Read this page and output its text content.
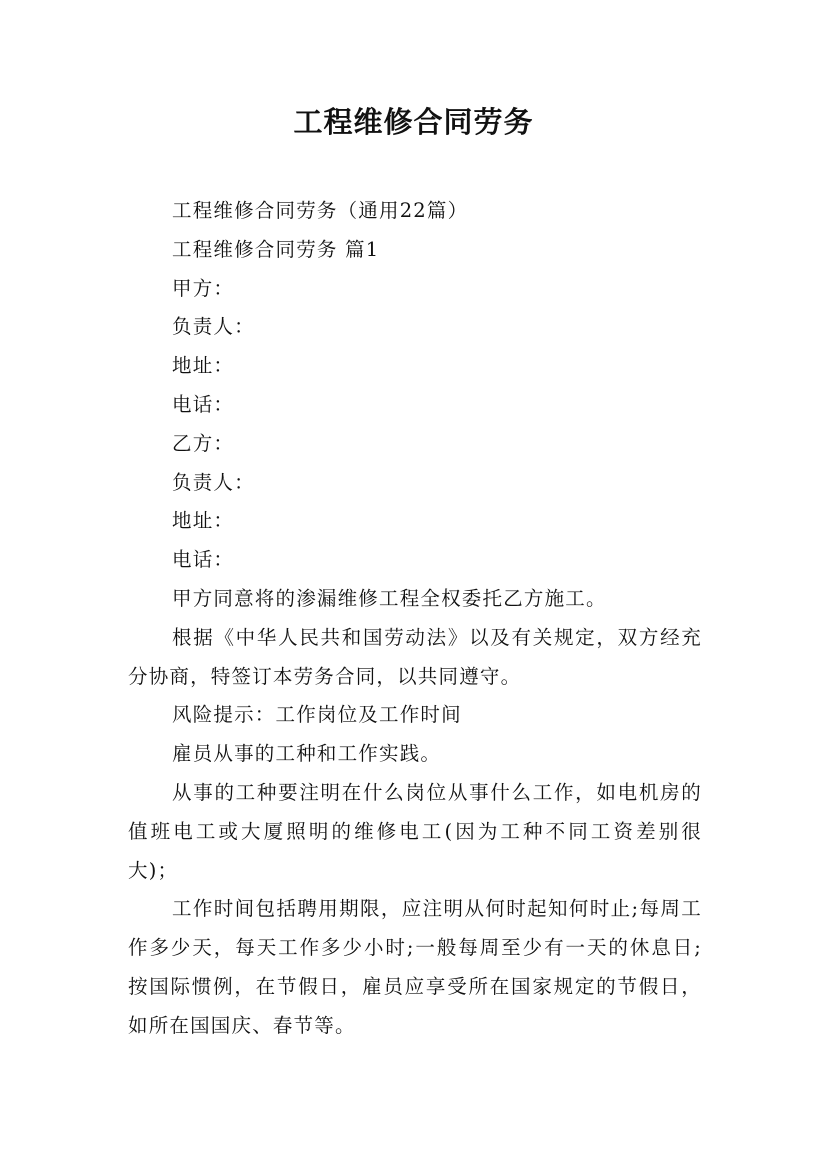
工程维修合同劳务

工程维修合同劳务（通用22篇）

工程维修合同劳务 篇1

甲方：

负责人：

地址：

电话：

乙方：

负责人：

地址：

电话：

甲方同意将的渗漏维修工程全权委托乙方施工。

根据《中华人民共和国劳动法》以及有关规定，双方经充分协商，特签订本劳务合同，以共同遵守。

风险提示：工作岗位及工作时间

雇员从事的工种和工作实践。

从事的工种要注明在什么岗位从事什么工作，如电机房的值班电工或大厦照明的维修电工(因为工种不同工资差别很大)；

工作时间包括聘用期限，应注明从何时起知何时止;每周工作多少天，每天工作多少小时;一般每周至少有一天的休息日;按国际惯例，在节假日，雇员应享受所在国家规定的节假日，如所在国国庆、春节等。
